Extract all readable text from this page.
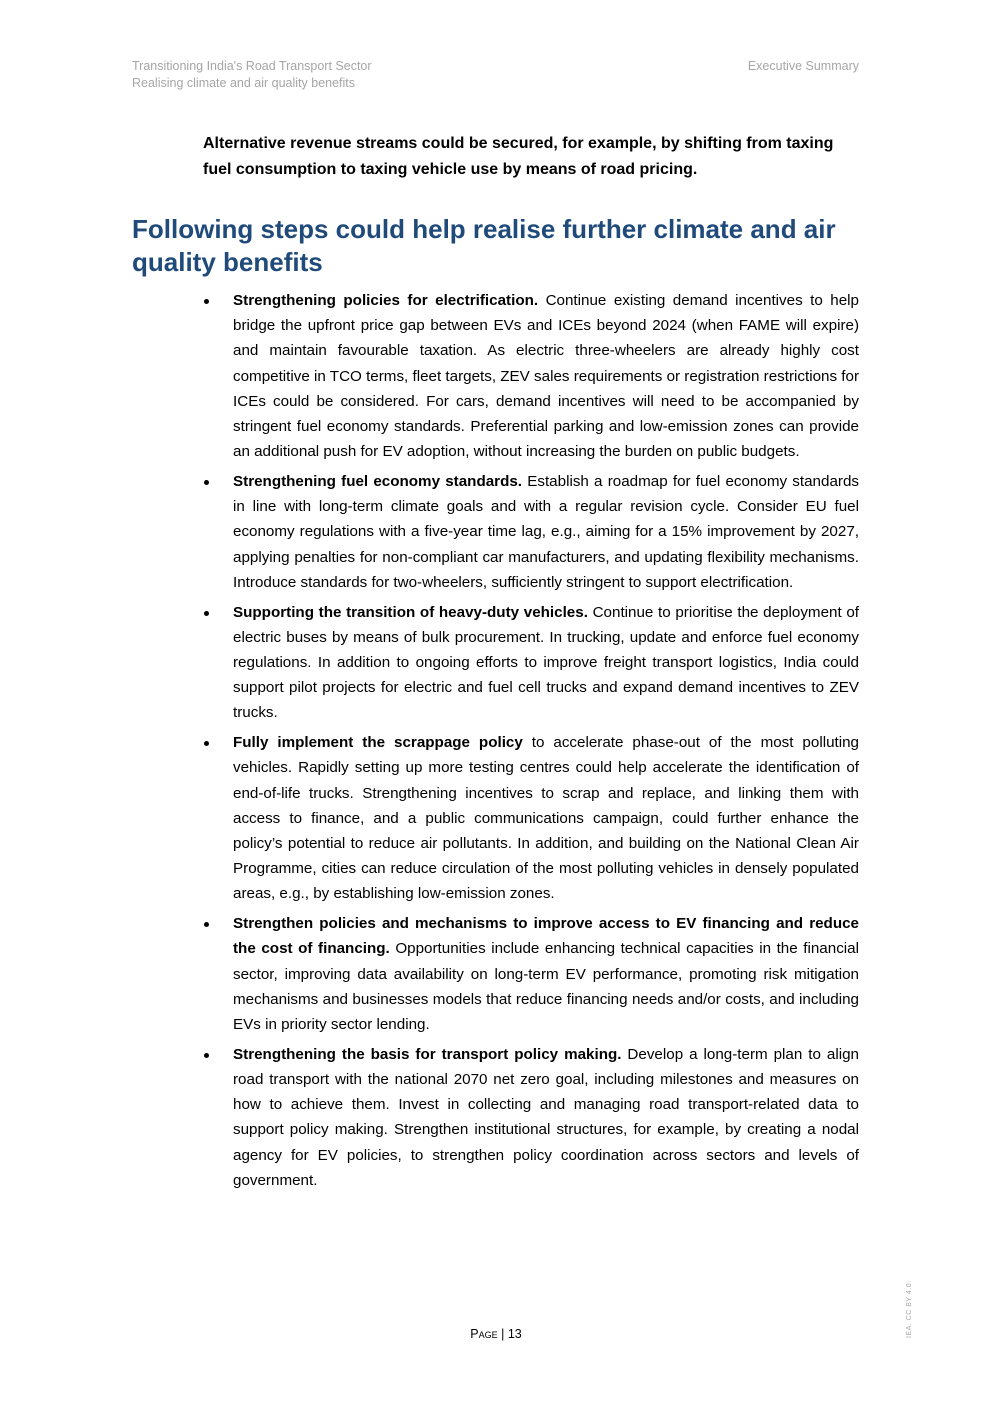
Transitioning India's Road Transport Sector
Realising climate and air quality benefits
Executive Summary

Alternative revenue streams could be secured, for example, by shifting from taxing fuel consumption to taxing vehicle use by means of road pricing.

Following steps could help realise further climate and air quality benefits
Strengthening policies for electrification. Continue existing demand incentives to help bridge the upfront price gap between EVs and ICEs beyond 2024 (when FAME will expire) and maintain favourable taxation. As electric three-wheelers are already highly cost competitive in TCO terms, fleet targets, ZEV sales requirements or registration restrictions for ICEs could be considered. For cars, demand incentives will need to be accompanied by stringent fuel economy standards. Preferential parking and low-emission zones can provide an additional push for EV adoption, without increasing the burden on public budgets.
Strengthening fuel economy standards. Establish a roadmap for fuel economy standards in line with long-term climate goals and with a regular revision cycle. Consider EU fuel economy regulations with a five-year time lag, e.g., aiming for a 15% improvement by 2027, applying penalties for non-compliant car manufacturers, and updating flexibility mechanisms. Introduce standards for two-wheelers, sufficiently stringent to support electrification.
Supporting the transition of heavy-duty vehicles. Continue to prioritise the deployment of electric buses by means of bulk procurement. In trucking, update and enforce fuel economy regulations. In addition to ongoing efforts to improve freight transport logistics, India could support pilot projects for electric and fuel cell trucks and expand demand incentives to ZEV trucks.
Fully implement the scrappage policy to accelerate phase-out of the most polluting vehicles. Rapidly setting up more testing centres could help accelerate the identification of end-of-life trucks. Strengthening incentives to scrap and replace, and linking them with access to finance, and a public communications campaign, could further enhance the policy’s potential to reduce air pollutants. In addition, and building on the National Clean Air Programme, cities can reduce circulation of the most polluting vehicles in densely populated areas, e.g., by establishing low-emission zones.
Strengthen policies and mechanisms to improve access to EV financing and reduce the cost of financing. Opportunities include enhancing technical capacities in the financial sector, improving data availability on long-term EV performance, promoting risk mitigation mechanisms and businesses models that reduce financing needs and/or costs, and including EVs in priority sector lending.
Strengthening the basis for transport policy making. Develop a long-term plan to align road transport with the national 2070 net zero goal, including milestones and measures on how to achieve them. Invest in collecting and managing road transport-related data to support policy making. Strengthen institutional structures, for example, by creating a nodal agency for EV policies, to strengthen policy coordination across sectors and levels of government.
Page | 13	IEA. CC BY 4.0.
